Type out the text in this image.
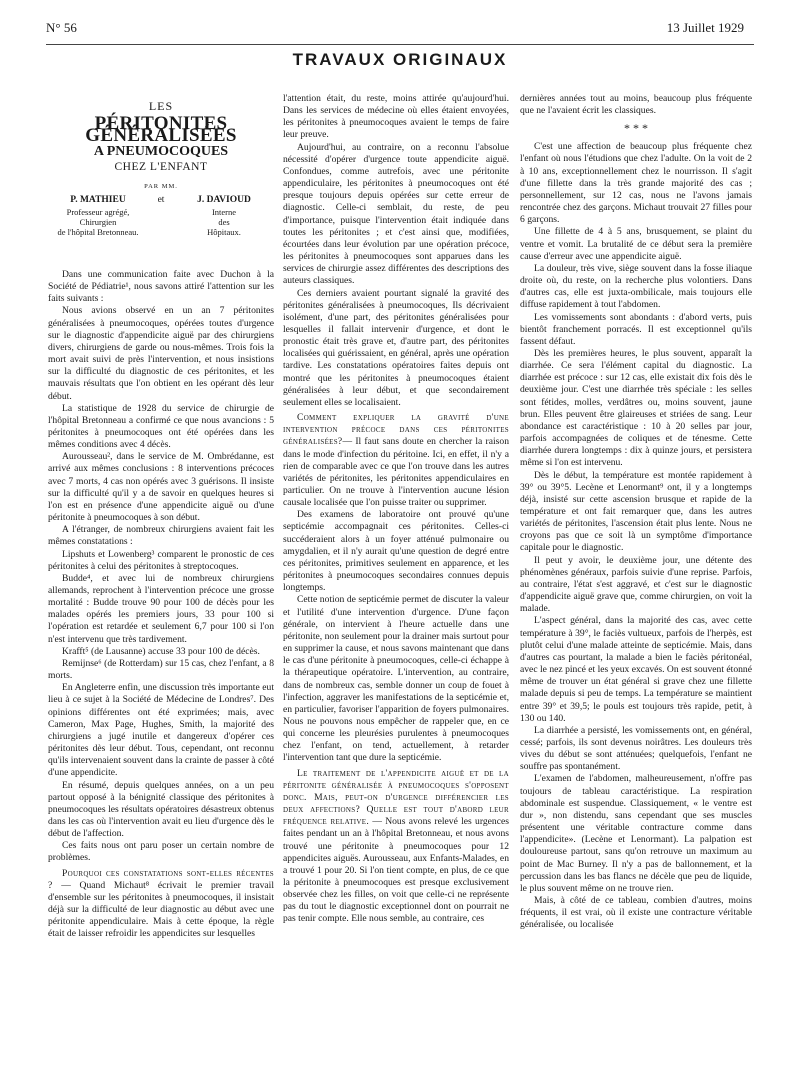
N° 56	13 Juillet 1929
TRAVAUX ORIGINAUX
LES
PÉRITONITES GÉNÉRALISÉES
A PNEUMOCOQUES
CHEZ L'ENFANT
PAR MM.
P. MATHIEU
Professeur agrégé,
Chirurgien
de l'hôpital Bretonneau.
et	J. DAVIOUD
Interne
des
Hôpitaux.

Dans une communication faite avec Duchon à la Société de Pédiatrie¹, nous savons attiré l'attention sur les faits suivants :

Nous avions observé en un an 7 péritonites généralisées à pneumocoques, opérées toutes d'urgence sur le diagnostic d'appendicite aiguë par des chirurgiens divers, chirurgiens de garde ou nous-mêmes. Trois fois la mort avait suivi de près l'intervention, et nous insistions sur la difficulté du diagnostic de ces péritonites, et les mauvais résultats que l'on obtient en les opérant dès leur début.

La statistique de 1928 du service de chirurgie de l'hôpital Bretonneau a confirmé ce que nous avancions : 5 péritonites à pneumocoques ont été opérées dans les mêmes conditions avec 4 décès.

Aurousseau², dans le service de M. Ombrédanne, est arrivé aux mêmes conclusions : 8 interventions précoces avec 7 morts, 4 cas non opérés avec 3 guérisons. Il insiste sur la difficulté qu'il y a de savoir en quelques heures si l'on est en présence d'une appendicite aiguë ou d'une péritonite à pneumocoques à son début.

A l'étranger, de nombreux chirurgiens avaient fait les mêmes constatations :

Lipshuts et Lowenberg³ comparent le pronostic de ces péritonites à celui des péritonites à streptocoques.

Budde⁴, et avec lui de nombreux chirurgiens allemands, reprochent à l'intervention précoce une grosse mortalité : Budde trouve 90 pour 100 de décès pour les malades opérés les premiers jours, 33 pour 100 si l'opération est retardée et seulement 6,7 pour 100 si l'on n'est intervenu que très tardivement.

Krafft⁵ (de Lausanne) accuse 33 pour 100 de décès.

Remijnse⁶ (de Rotterdam) sur 15 cas, chez l'enfant, a 8 morts.

En Angleterre enfin, une discussion très importante eut lieu à ce sujet à la Société de Médecine de Londres⁷. Des opinions différentes ont été exprimées; mais, avec Cameron, Max Page, Hughes, Smith, la majorité des chirurgiens a jugé inutile et dangereux d'opérer ces péritonites dès leur début. Tous, cependant, ont reconnu qu'ils intervenaient souvent dans la crainte de passer à côté d'une appendicite.

En résumé, depuis quelques années, on a un peu partout opposé à la bénignité classique des péritonites à pneumocoques les résultats opératoires désastreux obtenus dans les cas où l'intervention avait eu lieu d'urgence dès le début de l'affection.

Ces faits nous ont paru poser un certain nombre de problèmes.

Pourquoi ces constatations sont-elles récentes ? — Quand Michaut⁸ écrivait le premier travail d'ensemble sur les péritonites à pneumocoques, il insistait déjà sur la difficulté de leur diagnostic au début avec une péritonite appendiculaire. Mais à cette époque, la règle était de laisser refroidir les appendicites sur lesquelles

l'attention était, du reste, moins attirée qu'aujourd'hui. Dans les services de médecine où elles étaient envoyées, les péritonites à pneumocoques avaient le temps de faire leur preuve.

Aujourd'hui, au contraire, on a reconnu l'absolue nécessité d'opérer d'urgence toute appendicite aiguë. Confondues, comme autrefois, avec une péritonite appendiculaire, les péritonites à pneumocoques ont été presque toujours depuis opérées sur cette erreur de diagnostic. Celle-ci semblait, du reste, de peu d'importance, puisque l'intervention était indiquée dans toutes les péritonites ; et c'est ainsi que, modifiées, écourtées dans leur évolution par une opération précoce, les péritonites à pneumocoques sont apparues dans les services de chirurgie assez différentes des descriptions des auteurs classiques.

Ces derniers avaient pourtant signalé la gravité des péritonites généralisées à pneumocoques, Ils décrivaient isolément, d'une part, des péritonites généralisées pour lesquelles il fallait intervenir d'urgence, et dont le pronostic était très grave et, d'autre part, des péritonites localisées qui guérissaient, en général, après une opération tardive. Les constatations opératoires faites depuis ont montré que les péritonites à pneumocoques étaient généralisées à leur début, et que secondairement seulement elles se localisaient.

Comment expliquer la gravité d'une intervention précoce dans ces péritonites généralisées?— Il faut sans doute en chercher la raison dans le mode d'infection du péritoine. Ici, en effet, il n'y a rien de comparable avec ce que l'on trouve dans les autres variétés de péritonites, les péritonites appendiculaires en particulier. On ne trouve à l'intervention aucune lésion causale localisée que l'on puisse traiter ou supprimer.

Des examens de laboratoire ont prouvé qu'une septicémie accompagnait ces péritonites. Celles-ci succéderaient alors à un foyer atténué pulmonaire ou amygdalien, et il n'y aurait qu'une question de degré entre ces péritonites, primitives seulement en apparence, et les péritonites à pneumocoques secondaires connues depuis longtemps.

Cette notion de septicémie permet de discuter la valeur et l'utilité d'une intervention d'urgence. D'une façon générale, on intervient à l'heure actuelle dans une péritonite, non seulement pour la drainer mais surtout pour en supprimer la cause, et nous savons maintenant que dans le cas d'une péritonite à pneumocoques, celle-ci échappe à la thérapeutique opératoire. L'intervention, au contraire, dans de nombreux cas, semble donner un coup de fouet à l'infection, aggraver les manifestations de la septicémie et, en particulier, favoriser l'apparition de foyers pulmonaires. Nous ne pouvons nous empêcher de rappeler que, en ce qui concerne les pleurésies purulentes à pneumocoques chez l'enfant, on tend, actuellement, à retarder l'intervention tant que dure la septicémie.

Le traitement de l'appendicite aiguë et de la péritonite généralisée à pneumocoques s'opposent donc. Mais, peut-on d'urgence différencier les deux affections? Quelle est tout d'abord leur fréquence relative. — Nous avons relevé les urgences faites pendant un an à l'hôpital Bretonneau, et nous avons trouvé une péritonite à pneumocoques pour 12 appendicites aiguës. Aurousseau, aux Enfants-Malades, en a trouvé 1 pour 20. Si l'on tient compte, en plus, de ce que la péritonite à pneumocoques est presque exclusivement observée chez les filles, on voit que celle-ci ne représente pas du tout le diagnostic exceptionnel dont on pourrait ne pas tenir compte. Elle nous semble, au contraire, ces

dernières années tout au moins, beaucoup plus fréquente que ne l'avaient écrit les classiques.

* * *

C'est une affection de beaucoup plus fréquente chez l'enfant où nous l'étudions que chez l'adulte. On la voit de 2 à 10 ans, exceptionnellement chez le nourrisson. Il s'agit d'une fillette dans la très grande majorité des cas ; personnellement, sur 12 cas, nous ne l'avons jamais rencontrée chez des garçons. Michaut trouvait 27 filles pour 6 garçons.

Une fillette de 4 à 5 ans, brusquement, se plaint du ventre et vomit. La brutalité de ce début sera la première cause d'erreur avec une appendicite aiguë.

La douleur, très vive, siège souvent dans la fosse iliaque droite où, du reste, on la recherche plus volontiers. Dans d'autres cas, elle est juxta-ombilicale, mais toujours elle diffuse rapidement à tout l'abdomen.

Les vomissements sont abondants : d'abord verts, puis bientôt franchement porracés. Il est exceptionnel qu'ils fassent défaut.

Dès les premières heures, le plus souvent, apparaît la diarrhée. Ce sera l'élément capital du diagnostic. La diarrhée est précoce : sur 12 cas, elle existait dix fois dès le deuxième jour. C'est une diarrhée très spéciale : les selles sont fétides, molles, verdâtres ou, moins souvent, jaune brun. Elles peuvent être glaireuses et striées de sang. Leur abondance est caractéristique : 10 à 20 selles par jour, parfois accompagnées de coliques et de ténesme. Cette diarrhée durera longtemps : dix à quinze jours, et persistera même si l'on est intervenu.

Dès le début, la température est montée rapidement à 39° ou 39°5. Lecène et Lenormant⁹ ont, il y a longtemps déjà, insisté sur cette ascension brusque et rapide de la température et ont fait remarquer que, dans les autres variétés de péritonites, l'ascension était plus lente. Nous ne croyons pas que ce soit là un symptôme d'importance capitale pour le diagnostic.

Il peut y avoir, le deuxième jour, une détente des phénomènes généraux, parfois suivie d'une reprise. Parfois, au contraire, l'état s'est aggravé, et c'est sur le diagnostic d'appendicite aiguë grave que, comme chirurgien, on voit la malade.

L'aspect général, dans la majorité des cas, avec cette température à 39°, le faciès vultueux, parfois de l'herpès, est plutôt celui d'une malade atteinte de septicémie. Mais, dans d'autres cas pourtant, la malade a bien le faciès péritonéal, avec le nez pincé et les yeux excavés. On est souvent étonné même de trouver un état général si grave chez une fillette malade depuis si peu de temps. La température se maintient entre 39° et 39,5; le pouls est toujours très rapide, petit, à 130 ou 140.

La diarrhée a persisté, les vomissements ont, en général, cessé; parfois, ils sont devenus noirâtres. Les douleurs très vives du début se sont atténuées; quelquefois, l'enfant ne souffre pas spontanément.

L'examen de l'abdomen, malheureusement, n'offre pas toujours de tableau caractéristique. La respiration abdominale est suspendue. Classiquement, « le ventre est dur », non distendu, sans cependant que ses muscles présentent une véritable contracture comme dans l'appendicite». (Lecène et Lenormant). La palpation est douloureuse partout, sans qu'on retrouve un maximum au point de Mac Burney. Il n'y a pas de ballonnement, et la percussion dans les bas flancs ne décèle que peu de liquide, le plus souvent même on ne trouve rien.

Mais, à côté de ce tableau, combien d'autres, moins fréquents, il est vrai, où il existe une contracture véritable généralisée, ou localisée
